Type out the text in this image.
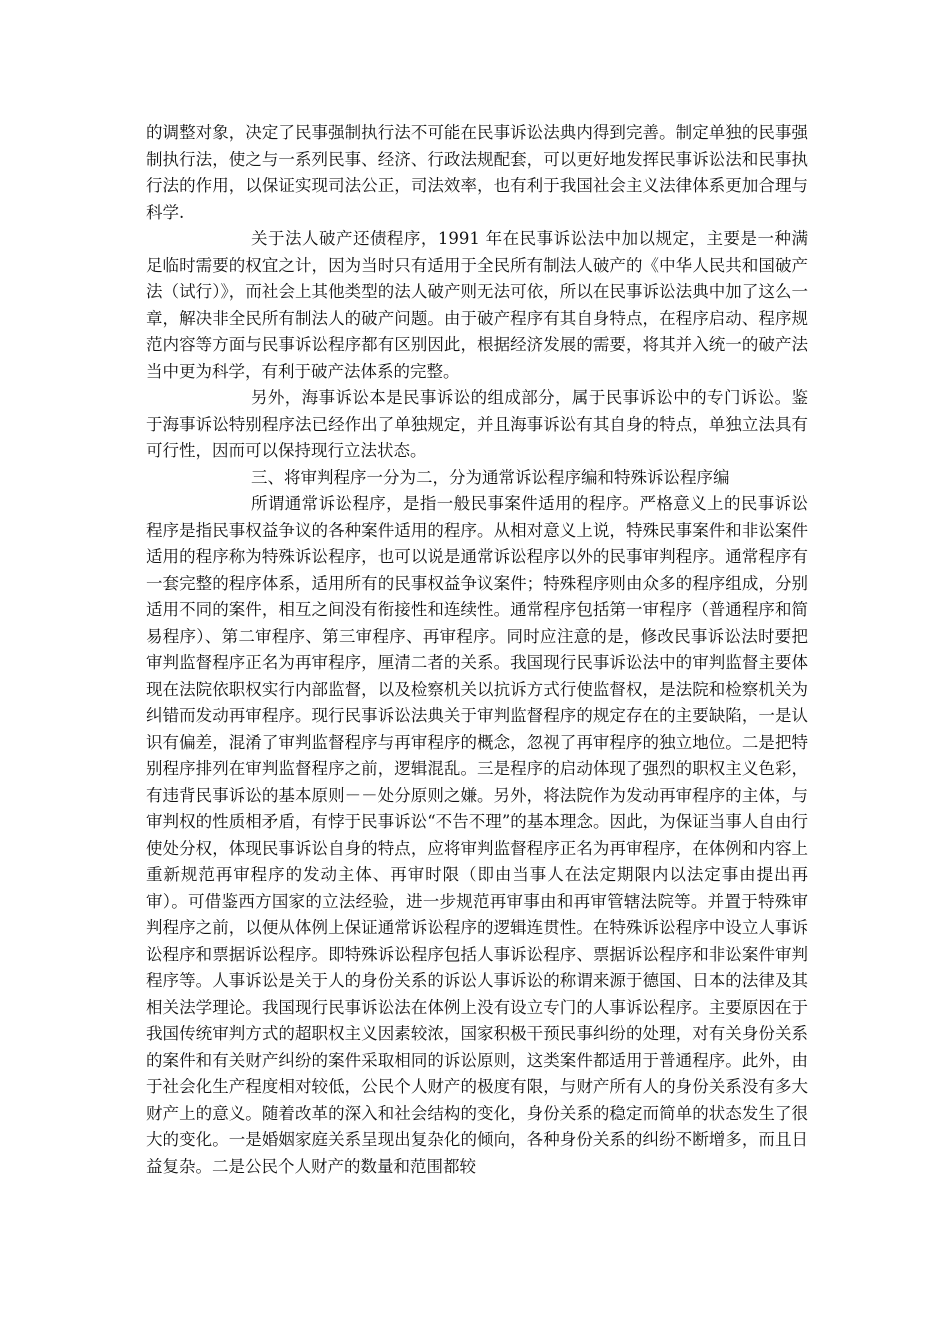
的调整对象，决定了民事强制执行法不可能在民事诉讼法典内得到完善。制定单独的民事强制执行法，使之与一系列民事、经济、行政法规配套，可以更好地发挥民事诉讼法和民事执行法的作用，以保证实现司法公正，司法效率，也有利于我国社会主义法律体系更加合理与科学.

关于法人破产还债程序，1991 年在民事诉讼法中加以规定，主要是一种满足临时需要的权宜之计，因为当时只有适用于全民所有制法人破产的《中华人民共和国破产法（试行）》，而社会上其他类型的法人破产则无法可依，所以在民事诉讼法典中加了这么一章，解决非全民所有制法人的破产问题。由于破产程序有其自身特点，在程序启动、程序规范内容等方面与民事诉讼程序都有区别因此，根据经济发展的需要，将其并入统一的破产法当中更为科学，有利于破产法体系的完整。

另外，海事诉讼本是民事诉讼的组成部分，属于民事诉讼中的专门诉讼。鉴于海事诉讼特别程序法已经作出了单独规定，并且海事诉讼有其自身的特点，单独立法具有可行性，因而可以保持现行立法状态。

三、将审判程序一分为二，分为通常诉讼程序编和特殊诉讼程序编

所谓通常诉讼程序，是指一般民事案件适用的程序。严格意义上的民事诉讼程序是指民事权益争议的各种案件适用的程序。从相对意义上说，特殊民事案件和非讼案件适用的程序称为特殊诉讼程序，也可以说是通常诉讼程序以外的民事审判程序。通常程序有一套完整的程序体系，适用所有的民事权益争议案件；特殊程序则由众多的程序组成，分别适用不同的案件，相互之间没有衔接性和连续性。通常程序包括第一审程序（普通程序和简易程序）、第二审程序、第三审程序、再审程序。同时应注意的是，修改民事诉讼法时要把审判监督程序正名为再审程序，厘清二者的关系。我国现行民事诉讼法中的审判监督主要体现在法院依职权实行内部监督，以及检察机关以抗诉方式行使监督权，是法院和检察机关为纠错而发动再审程序。现行民事诉讼法典关于审判监督程序的规定存在的主要缺陷，一是认识有偏差，混淆了审判监督程序与再审程序的概念，忽视了再审程序的独立地位。二是把特别程序排列在审判监督程序之前，逻辑混乱。三是程序的启动体现了强烈的职权主义色彩，有违背民事诉讼的基本原则－－处分原则之嫌。另外，将法院作为发动再审程序的主体，与审判权的性质相矛盾，有悖于民事诉讼“不告不理”的基本理念。因此，为保证当事人自由行使处分权，体现民事诉讼自身的特点，应将审判监督程序正名为再审程序，在体例和内容上重新规范再审程序的发动主体、再审时限（即由当事人在法定期限内以法定事由提出再审）。可借鉴西方国家的立法经验，进一步规范再审事由和再审管辖法院等。并置于特殊审判程序之前，以便从体例上保证通常诉讼程序的逻辑连贯性。在特殊诉讼程序中设立人事诉讼程序和票据诉讼程序。即特殊诉讼程序包括人事诉讼程序、票据诉讼程序和非讼案件审判程序等。人事诉讼是关于人的身份关系的诉讼人事诉讼的称谓来源于德国、日本的法律及其相关法学理论。我国现行民事诉讼法在体例上没有设立专门的人事诉讼程序。主要原因在于我国传统审判方式的超职权主义因素较浓，国家积极干预民事纠纷的处理，对有关身份关系的案件和有关财产纠纷的案件采取相同的诉讼原则，这类案件都适用于普通程序。此外，由于社会化生产程度相对较低，公民个人财产的极度有限，与财产所有人的身份关系没有多大财产上的意义。随着改革的深入和社会结构的变化，身份关系的稳定而简单的状态发生了很大的变化。一是婚姻家庭关系呈现出复杂化的倾向，各种身份关系的纠纷不断增多，而且日益复杂。二是公民个人财产的数量和范围都较
